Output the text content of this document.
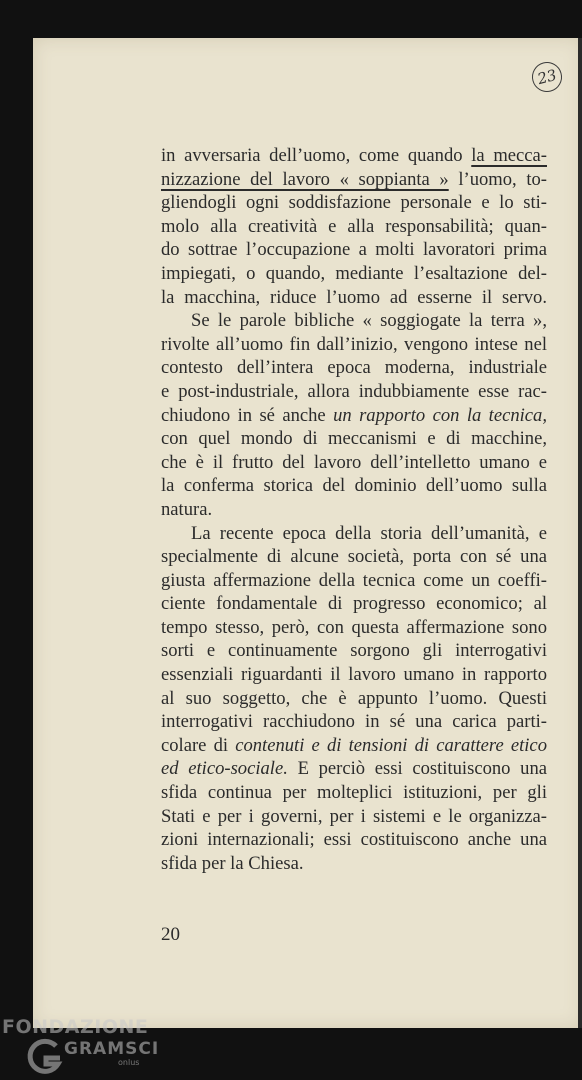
23
in avversaria dell’uomo, come quando la mecca-
nizzazione del lavoro « soppianta » l’uomo, to-
gliendogli ogni soddisfazione personale e lo sti-
molo alla creatività e alla responsabilità; quan-
do sottrae l’occupazione a molti lavoratori prima
impiegati, o quando, mediante l’esaltazione del-
la macchina, riduce l’uomo ad esserne il servo.
Se le parole bibliche « soggiogate la terra »,
rivolte all’uomo fin dall’inizio, vengono intese nel
contesto dell’intera epoca moderna, industriale
e post-industriale, allora indubbiamente esse rac-
chiudono in sé anche un rapporto con la tecnica,
con quel mondo di meccanismi e di macchine,
che è il frutto del lavoro dell’intelletto umano e
la conferma storica del dominio dell’uomo sulla
natura.
La recente epoca della storia dell’umanità, e
specialmente di alcune società, porta con sé una
giusta affermazione della tecnica come un coeffi-
ciente fondamentale di progresso economico; al
tempo stesso, però, con questa affermazione sono
sorti e continuamente sorgono gli interrogativi
essenziali riguardanti il lavoro umano in rapporto
al suo soggetto, che è appunto l’uomo. Questi
interrogativi racchiudono in sé una carica parti-
colare di contenuti e di tensioni di carattere etico
ed etico-sociale. E perciò essi costituiscono una
sfida continua per molteplici istituzioni, per gli
Stati e per i governi, per i sistemi e le organizza-
zioni internazionali; essi costituiscono anche una
sfida per la Chiesa.
20
FONDAZIONE
GRAMSCI
onlus
